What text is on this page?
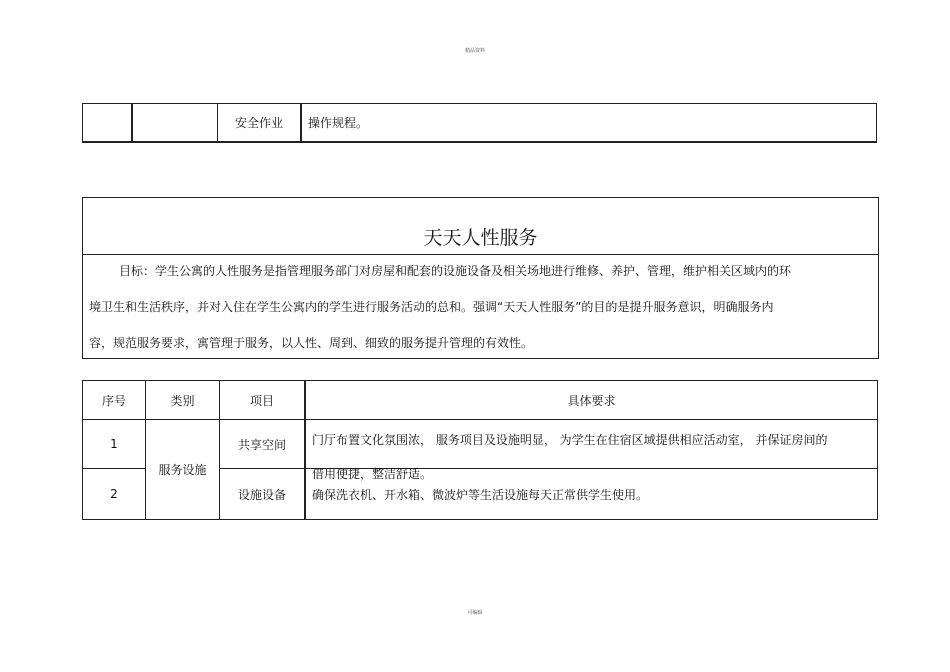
精品资料
		安全作业	操作规程。
天天人性服务
目标：学生公寓的人性服务是指管理服务部门对房屋和配套的设施设备及相关场地进行维修、养护、管理，维护相关区域内的环
境卫生和生活秩序，并对入住在学生公寓内的学生进行服务活动的总和。强调“天天人性服务”的目的是提升服务意识，明确服务内
容，规范服务要求，寓管理于服务，以人性、周到、细致的服务提升管理的有效性。
序号	类别	项目	具体要求
1	服务设施	共享空间	门厅布置文化氛围浓， 服务项目及设施明显， 为学生在住宿区域提供相应活动室， 并保证房间的
借用便捷，整洁舒适。

2		设施设备	确保洗衣机、开水箱、微波炉等生活设施每天正常供学生使用。
可编辑
